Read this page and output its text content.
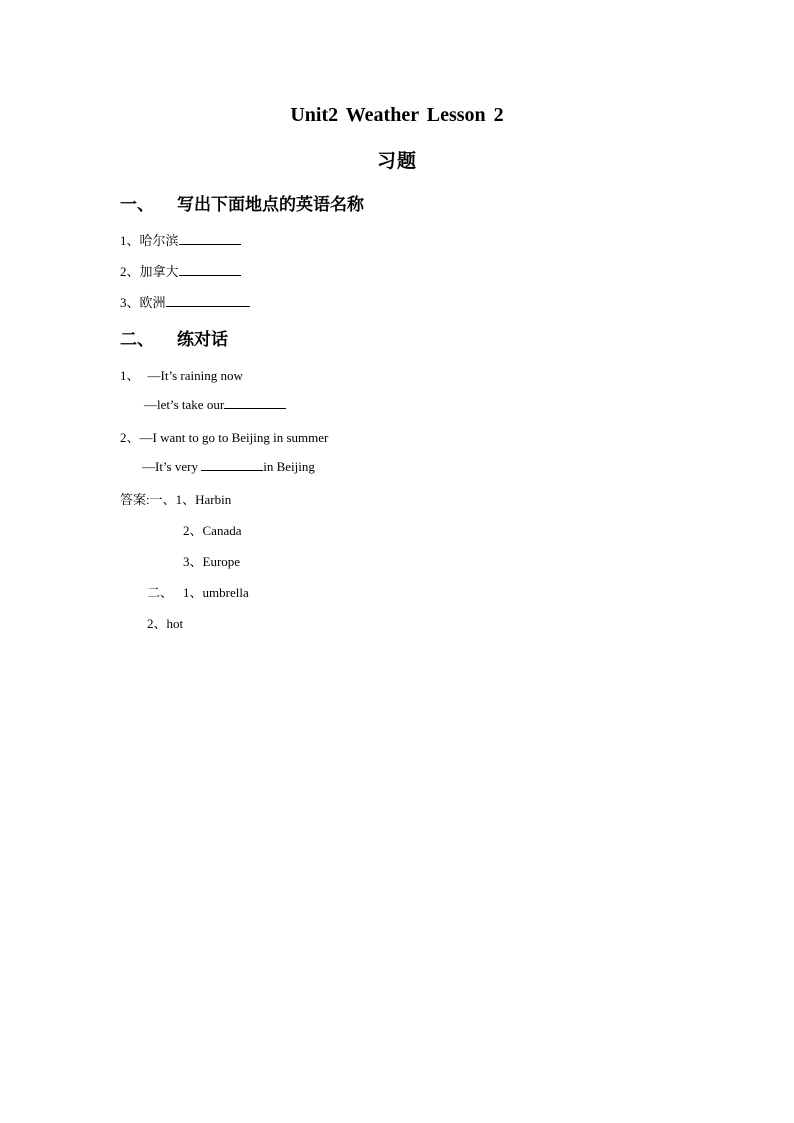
Unit2 Weather Lesson 2
习题
一、 写出下面地点的英语名称
1、哈尔滨
2、加拿大
3、欧洲
二、 练对话
1、 —It’s raining now
—let’s take our
2、—I want to go to Beijing in summer
—It’s very	in Beijing
答案:一、1、Harbin
2、Canada
3、Europe
二、 1、umbrella
2、hot
